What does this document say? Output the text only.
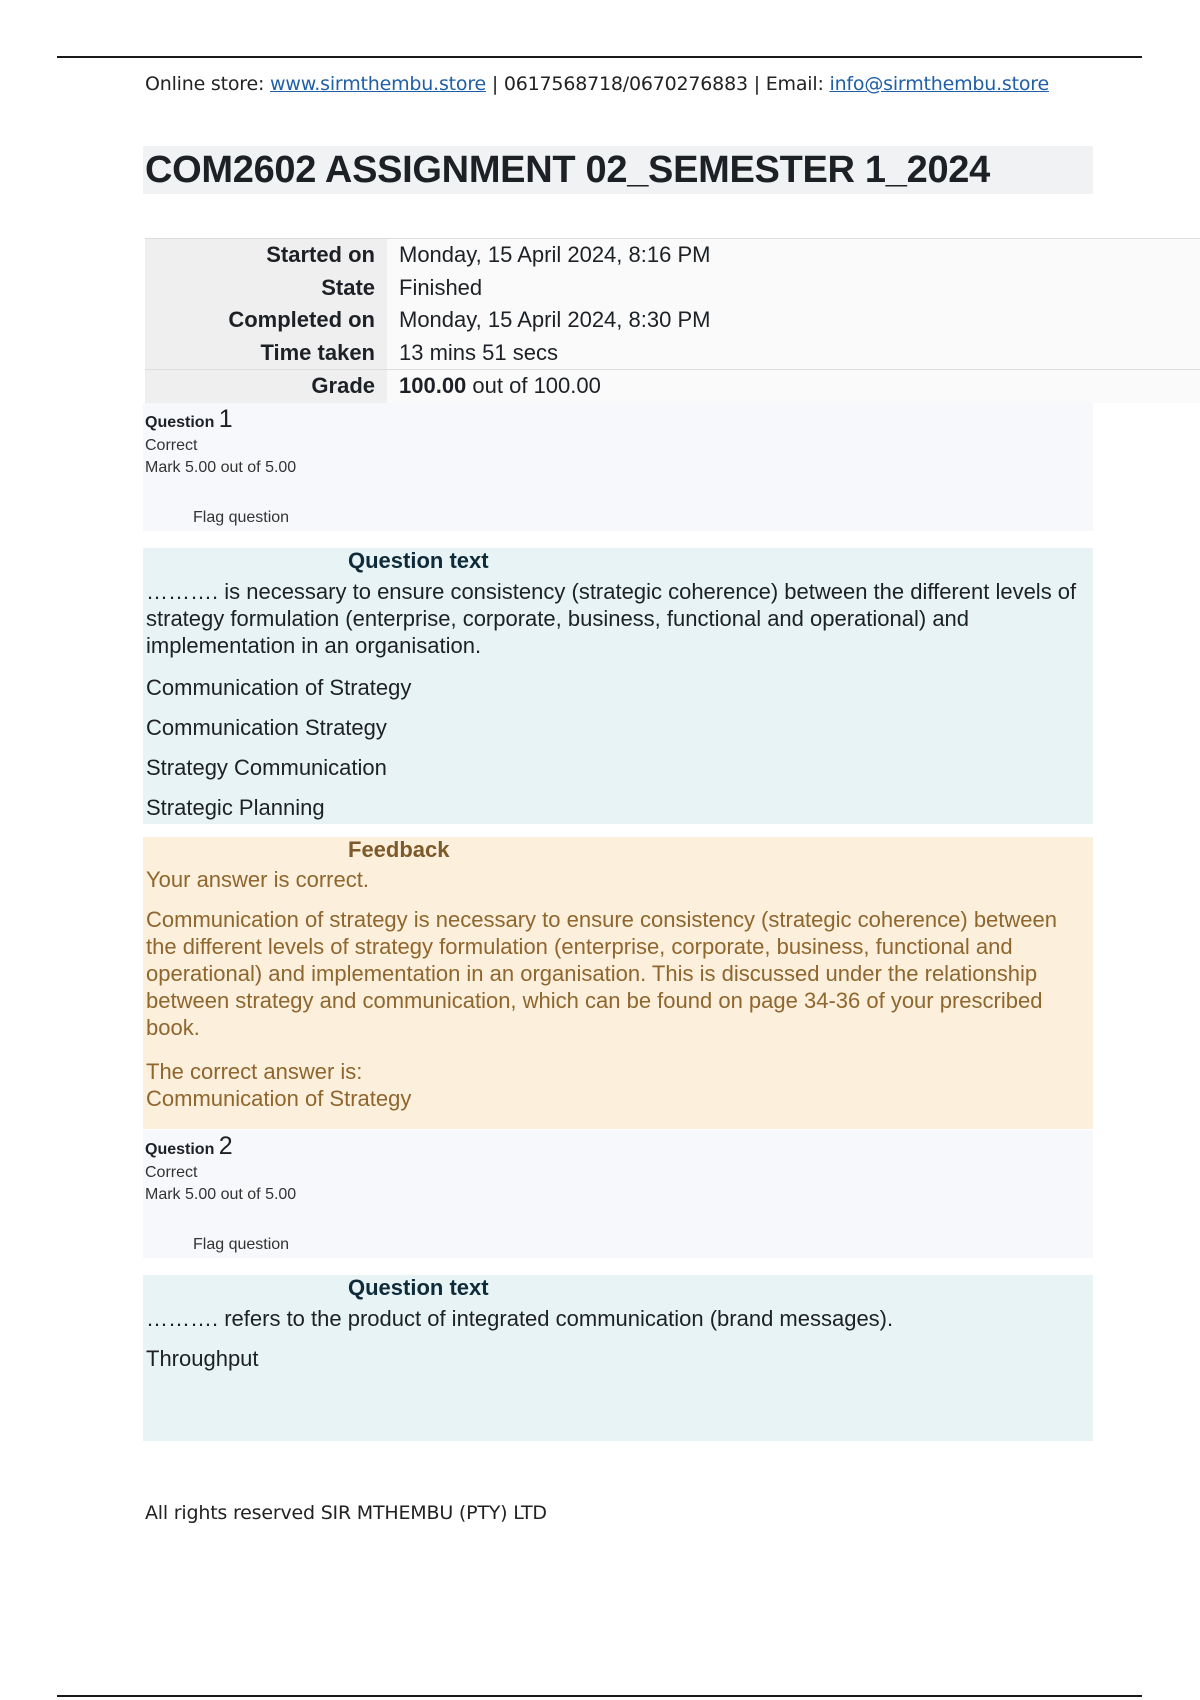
Online store: www.sirmthembu.store | 0617568718/0670276883 | Email: info@sirmthembu.store
COM2602 ASSIGNMENT 02_SEMESTER 1_2024
Started on	Monday, 15 April 2024, 8:16 PM
State	Finished
Completed on	Monday, 15 April 2024, 8:30 PM
Time taken	13 mins 51 secs
Grade	100.00 out of 100.00
Question 1
Correct
Mark 5.00 out of 5.00
Flag question
Question text
………. is necessary to ensure consistency (strategic coherence) between the different levels of strategy formulation (enterprise, corporate, business, functional and operational) and implementation in an organisation.
Communication of Strategy
Communication Strategy
Strategy Communication
Strategic Planning
Feedback
Your answer is correct.
Communication of strategy is necessary to ensure consistency (strategic coherence) between the different levels of strategy formulation (enterprise, corporate, business, functional and operational) and implementation in an organisation. This is discussed under the relationship between strategy and communication, which can be found on page 34-36 of your prescribed book.
The correct answer is:
Communication of Strategy
Question 2
Correct
Mark 5.00 out of 5.00
Flag question
Question text
………. refers to the product of integrated communication (brand messages).
Throughput
All rights reserved SIR MTHEMBU (PTY) LTD
